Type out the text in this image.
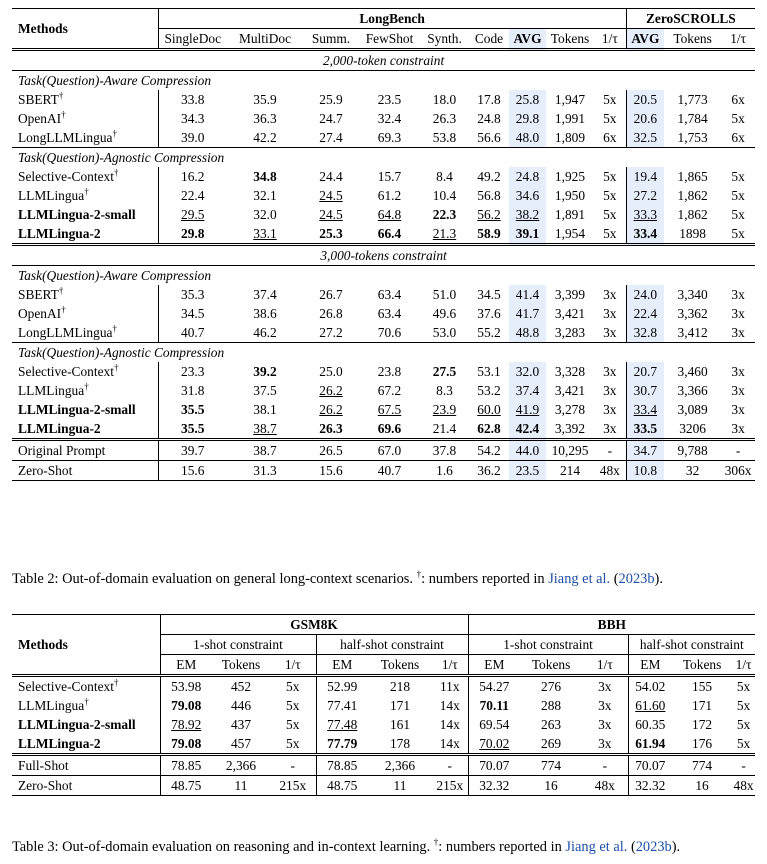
Methods	LongBench									ZeroSCROLLS		
	SingleDoc	MultiDoc	Summ.	FewShot	Synth.	Code	AVG	Tokens	1/τ	AVG	Tokens	1/τ
2,000-token constraint												
Task(Question)-Aware Compression												
SBERT†	33.8	35.9	25.9	23.5	18.0	17.8	25.8	1,947	5x	20.5	1,773	6x
OpenAI†	34.3	36.3	24.7	32.4	26.3	24.8	29.8	1,991	5x	20.6	1,784	5x
LongLLMLingua†	39.0	42.2	27.4	69.3	53.8	56.6	48.0	1,809	6x	32.5	1,753	6x
Task(Question)-Agnostic Compression												
Selective-Context†	16.2	34.8	24.4	15.7	8.4	49.2	24.8	1,925	5x	19.4	1,865	5x
LLMLingua†	22.4	32.1	24.5	61.2	10.4	56.8	34.6	1,950	5x	27.2	1,862	5x
LLMLingua-2-small	29.5	32.0	24.5	64.8	22.3	56.2	38.2	1,891	5x	33.3	1,862	5x
LLMLingua-2	29.8	33.1	25.3	66.4	21.3	58.9	39.1	1,954	5x	33.4	1898	5x
3,000-tokens constraint												
Task(Question)-Aware Compression												
SBERT†	35.3	37.4	26.7	63.4	51.0	34.5	41.4	3,399	3x	24.0	3,340	3x
OpenAI†	34.5	38.6	26.8	63.4	49.6	37.6	41.7	3,421	3x	22.4	3,362	3x
LongLLMLingua†	40.7	46.2	27.2	70.6	53.0	55.2	48.8	3,283	3x	32.8	3,412	3x
Task(Question)-Agnostic Compression												
Selective-Context†	23.3	39.2	25.0	23.8	27.5	53.1	32.0	3,328	3x	20.7	3,460	3x
LLMLingua†	31.8	37.5	26.2	67.2	8.3	53.2	37.4	3,421	3x	30.7	3,366	3x
LLMLingua-2-small	35.5	38.1	26.2	67.5	23.9	60.0	41.9	3,278	3x	33.4	3,089	3x
LLMLingua-2	35.5	38.7	26.3	69.6	21.4	62.8	42.4	3,392	3x	33.5	3206	3x
Original Prompt	39.7	38.7	26.5	67.0	37.8	54.2	44.0	10,295	-	34.7	9,788	-
Zero-Shot	15.6	31.3	15.6	40.7	1.6	36.2	23.5	214	48x	10.8	32	306x
Table 2: Out-of-domain evaluation on general long-context scenarios. †: numbers reported in Jiang et al. (2023b).
Methods	GSM8K						BBH					
	1-shot constraint			half-shot constraint			1-shot constraint			half-shot constraint		
	EM	Tokens	1/τ	EM	Tokens	1/τ	EM	Tokens	1/τ	EM	Tokens	1/τ
Selective-Context†	53.98	452	5x	52.99	218	11x	54.27	276	3x	54.02	155	5x
LLMLingua†	79.08	446	5x	77.41	171	14x	70.11	288	3x	61.60	171	5x
LLMLingua-2-small	78.92	437	5x	77.48	161	14x	69.54	263	3x	60.35	172	5x
LLMLingua-2	79.08	457	5x	77.79	178	14x	70.02	269	3x	61.94	176	5x
Full-Shot	78.85	2,366	-	78.85	2,366	-	70.07	774	-	70.07	774	-
Zero-Shot	48.75	11	215x	48.75	11	215x	32.32	16	48x	32.32	16	48x
Table 3: Out-of-domain evaluation on reasoning and in-context learning. †: numbers reported in Jiang et al. (2023b).
